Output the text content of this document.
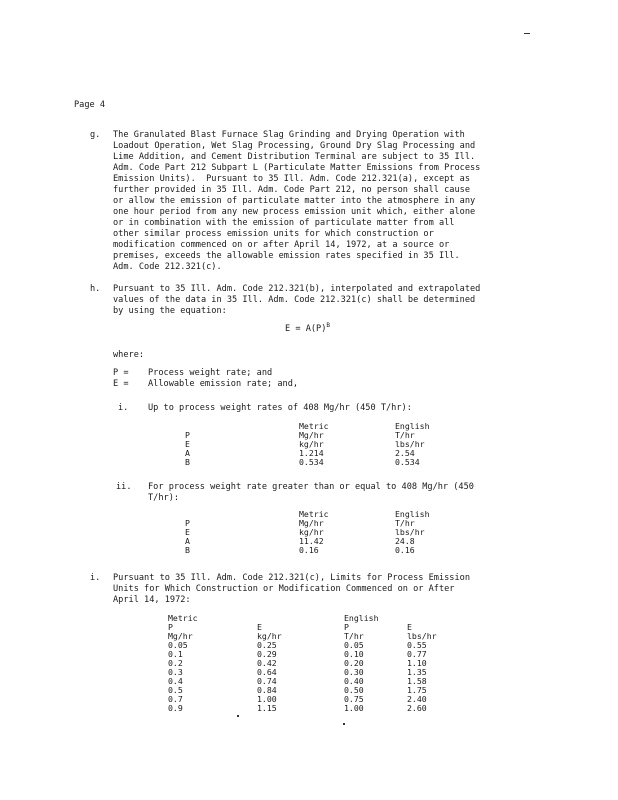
Page 4
g. The Granulated Blast Furnace Slag Grinding and Drying Operation with
Loadout Operation, Wet Slag Processing, Ground Dry Slag Processing and
Lime Addition, and Cement Distribution Terminal are subject to 35 Ill.
Adm. Code Part 212 Subpart L (Particulate Matter Emissions from Process
Emission Units).  Pursuant to 35 Ill. Adm. Code 212.321(a), except as
further provided in 35 Ill. Adm. Code Part 212, no person shall cause
or allow the emission of particulate matter into the atmosphere in any
one hour period from any new process emission unit which, either alone
or in combination with the emission of particulate matter from all
other similar process emission units for which construction or
modification commenced on or after April 14, 1972, at a source or
premises, exceeds the allowable emission rates specified in 35 Ill.
Adm. Code 212.321(c).
h. Pursuant to 35 Ill. Adm. Code 212.321(b), interpolated and extrapolated
values of the data in 35 Ill. Adm. Code 212.321(c) shall be determined
by using the equation:
$E = A(P)^B$
where:
P = Process weight rate; and
E = Allowable emission rate; and,
i. Up to process weight rates of 408 Mg/hr (450 T/hr):
	Metric	English
P	Mg/hr	T/hr
E	kg/hr	lbs/hr
A	1.214	2.54
B	0.534	0.534
ii. For process weight rate greater than or equal to 408 Mg/hr (450
T/hr):
	Metric	English
P	Mg/hr	T/hr
E	kg/hr	lbs/hr
A	11.42	24.8
B	0.16	0.16
i. Pursuant to 35 Ill. Adm. Code 212.321(c), Limits for Process Emission
Units for Which Construction or Modification Commenced on or After
April 14, 1972:
Metric		English	
P	E	P	E
Mg/hr	kg/hr	T/hr	lbs/hr
0.05	0.25	0.05	0.55
0.1	0.29	0.10	0.77
0.2	0.42	0.20	1.10
0.3	0.64	0.30	1.35
0.4	0.74	0.40	1.58
0.5	0.84	0.50	1.75
0.7	1.00	0.75	2.40
0.9	1.15	1.00	2.60
